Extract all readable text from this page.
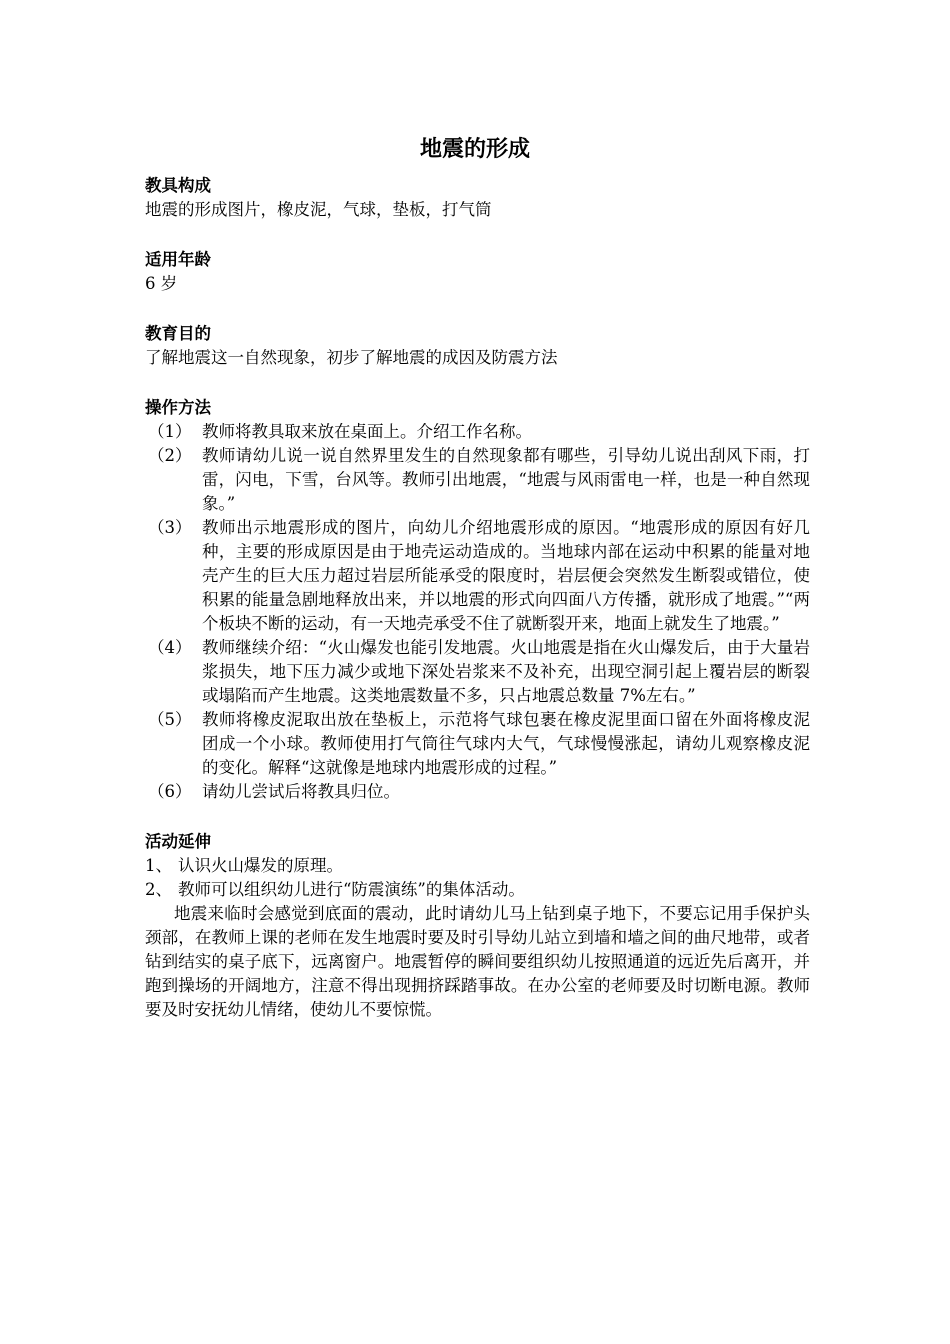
地震的形成

教具构成

地震的形成图片，橡皮泥，气球，垫板，打气筒

适用年龄

6 岁

教育目的

了解地震这一自然现象，初步了解地震的成因及防震方法

操作方法

（1） 教师将教具取来放在桌面上。介绍工作名称。
（2） 教师请幼儿说一说自然界里发生的自然现象都有哪些，引导幼儿说出刮风下雨，打雷，闪电，下雪，台风等。教师引出地震，“地震与风雨雷电一样，也是一种自然现象。”
（3） 教师出示地震形成的图片，向幼儿介绍地震形成的原因。“地震形成的原因有好几种，主要的形成原因是由于地壳运动造成的。当地球内部在运动中积累的能量对地壳产生的巨大压力超过岩层所能承受的限度时，岩层便会突然发生断裂或错位，使积累的能量急剧地释放出来，并以地震的形式向四面八方传播，就形成了地震。”“两个板块不断的运动，有一天地壳承受不住了就断裂开来，地面上就发生了地震。”
（4） 教师继续介绍：“火山爆发也能引发地震。火山地震是指在火山爆发后，由于大量岩浆损失，地下压力减少或地下深处岩浆来不及补充，出现空洞引起上覆岩层的断裂或塌陷而产生地震。这类地震数量不多，只占地震总数量 7%左右。”
（5） 教师将橡皮泥取出放在垫板上，示范将气球包裹在橡皮泥里面口留在外面将橡皮泥团成一个小球。教师使用打气筒往气球内大气，气球慢慢涨起，请幼儿观察橡皮泥的变化。解释“这就像是地球内地震形成的过程。”
（6） 请幼儿尝试后将教具归位。

活动延伸

1、 认识火山爆发的原理。
2、 教师可以组织幼儿进行“防震演练”的集体活动。

地震来临时会感觉到底面的震动，此时请幼儿马上钻到桌子地下，不要忘记用手保护头颈部，在教师上课的老师在发生地震时要及时引导幼儿站立到墙和墙之间的曲尺地带，或者钻到结实的桌子底下，远离窗户。地震暂停的瞬间要组织幼儿按照通道的远近先后离开，并跑到操场的开阔地方，注意不得出现拥挤踩踏事故。在办公室的老师要及时切断电源。教师要及时安抚幼儿情绪，使幼儿不要惊慌。
